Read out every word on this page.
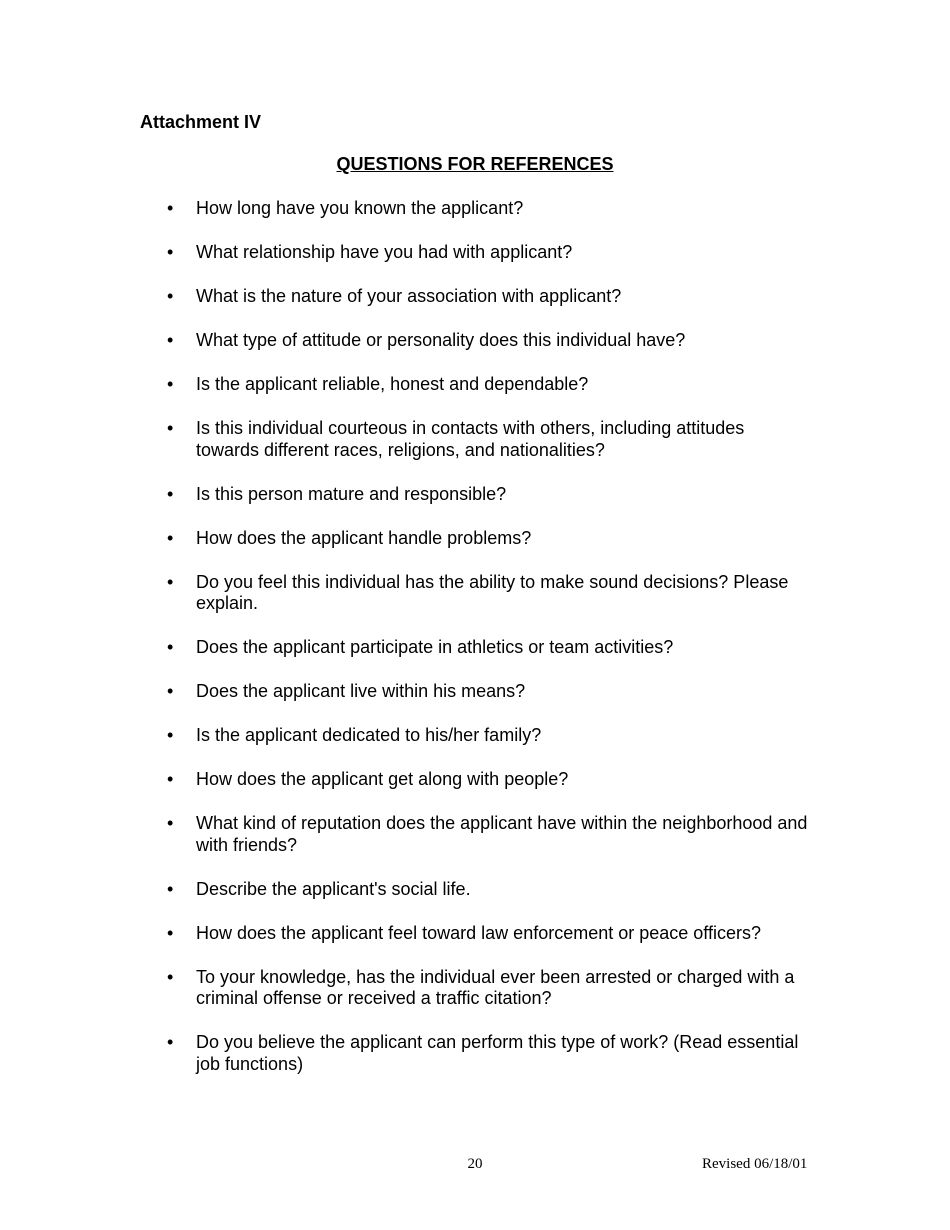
Attachment IV
QUESTIONS FOR REFERENCES
• How long have you known the applicant?
• What relationship have you had with applicant?
• What is the nature of your association with applicant?
• What type of attitude or personality does this individual have?
• Is the applicant reliable, honest and dependable?
• Is this individual courteous in contacts with others, including attitudes towards different races, religions, and nationalities?
• Is this person mature and responsible?
• How does the applicant handle problems?
• Do you feel this individual has the ability to make sound decisions? Please explain.
• Does the applicant participate in athletics or team activities?
• Does the applicant live within his means?
• Is the applicant dedicated to his/her family?
• How does the applicant get along with people?
• What kind of reputation does the applicant have within the neighborhood and with friends?
• Describe the applicant's social life.
• How does the applicant feel toward law enforcement or peace officers?
• To your knowledge, has the individual ever been arrested or charged with a criminal offense or received a traffic citation?
• Do you believe the applicant can perform this type of work? (Read essential job functions)
20	Revised 06/18/01
